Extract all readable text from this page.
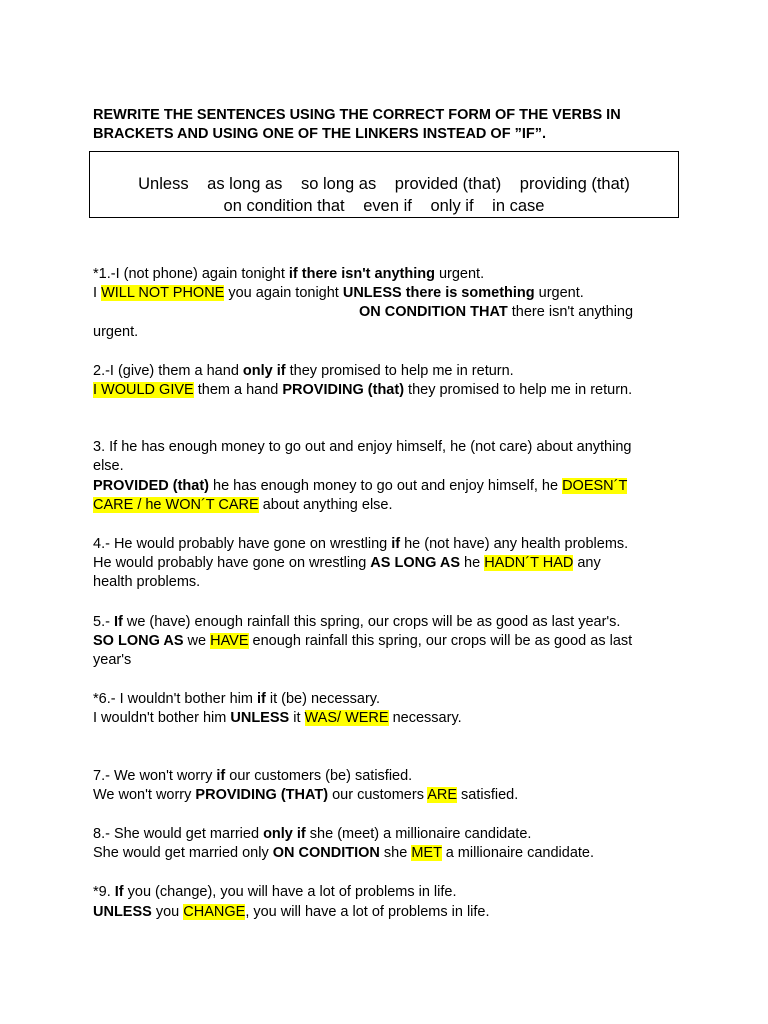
REWRITE THE SENTENCES USING THE CORRECT FORM OF THE VERBS IN BRACKETS AND USING ONE OF THE LINKERS INSTEAD OF ”IF”.

Unless as long as so long as provided (that) providing (that)
on condition that even if only if in case

*1.-I (not phone) again tonight if there isn't anything urgent.

I WILL NOT PHONE you again tonight UNLESS there is something urgent.

ON CONDITION THAT there isn't anything

urgent.

2.-I (give) them a hand only if they promised to help me in return.

I WOULD GIVE them a hand PROVIDING (that) they promised to help me in return.

3. If he has enough money to go out and enjoy himself, he (not care) about anything

else.

PROVIDED (that) he has enough money to go out and enjoy himself, he DOESN´T

CARE / he WON´T CARE about anything else.

4.- He would probably have gone on wrestling if he (not have) any health problems.

He would probably have gone on wrestling AS LONG AS he HADN´T HAD any

health problems.

5.- If we (have) enough rainfall this spring, our crops will be as good as last year's.

SO LONG AS we HAVE enough rainfall this spring, our crops will be as good as last

year's

*6.- I wouldn't bother him if it (be) necessary.

I wouldn't bother him UNLESS it WAS/ WERE necessary.

7.- We won't worry if our customers (be) satisfied.

We won't worry PROVIDING (THAT) our customers ARE satisfied.

8.- She would get married only if she (meet) a millionaire candidate.

She would get married only ON CONDITION she MET a millionaire candidate.

*9. If you (change), you will have a lot of problems in life.

UNLESS you CHANGE, you will have a lot of problems in life.
